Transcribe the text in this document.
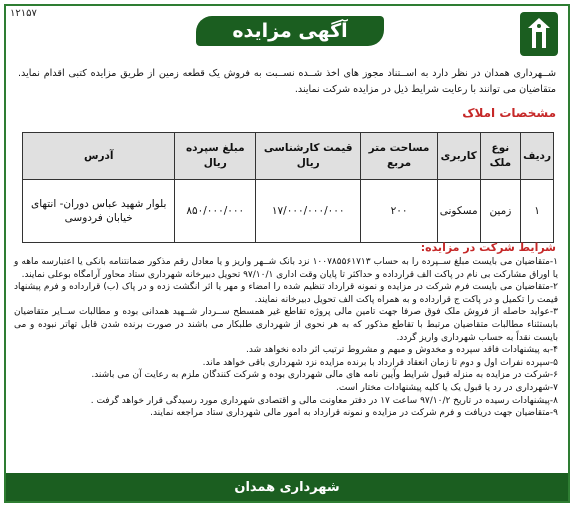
آگهی مزایده
۱۲۱۵۷
شــهرداری همدان در نظر دارد به اســتناد مجوز های اخذ شــده نســبت به فروش یک قطعه زمین از طریق مزایده کتبی اقدام نماید. متقاضیان می توانند با رعایت شرایط ذیل در مزایده شرکت نمایند.
مشخصات املاک
ردیف	نوع ملک	کاربری	مساحت متر مربع	قیمت کارشناسی ریال	مبلغ سپرده ریال	آدرس
۱	زمین	مسکونی	۲۰۰	۱۷/۰۰۰/۰۰۰/۰۰۰	۸۵۰/۰۰۰/۰۰۰	بلوار شهید عباس دوران- انتهای خیابان فردوسی
شرایط شرکت در مزایده:

۱-متقاضیان می بایست مبلغ ســپرده را به حساب ۱۰۰۷۸۵۵۶۱۷۱۳ نزد بانک شــهر واریز و یا معادل رقم مذکور ضمانتنامه بانکی یا اعتبارسه ماهه و یا اوراق مشارکت بی نام در پاکت الف قرارداده و حداکثر تا پایان وقت اداری ۹۷/۱۰/۱ تحویل دبیرخانه شهرداری ستاد محاور آرامگاه بوعلی نمایند.

۲-متقاضیان می بایست فرم شرکت در مزایده و نمونه قرارداد تنظیم شده را امضاء و مهر یا اثر انگشت زده و در پاک (ب) قرارداده و فرم پیشنهاد قیمت را تکمیل و در پاکت ج قرارداده و به همراه پاکت الف تحویل دبیرخانه نمایند.

۳-عواید حاصله از فروش ملک فوق صرفا جهت تامین مالی پروژه تقاطع غیر همسطح ســردار شــهید همدانی بوده و مطالبات ســایر متقاضیان بابستثناء مطالبات متقاضیان مرتبط با تقاطع مذکور که به هر نحوی از شهرداری طلبکار می باشند در صورت برنده شدن قابل تهاتر نبوده و می بایست نقداً به حساب شهرداری واریز گردد.

۴-به پیشنهادات فاقد سپرده و مخدوش و مبهم و مشروط ترتیب اثر داده نخواهد شد.

۵-سپرده نفرات اول و دوم تا زمان انعقاد قرارداد با برنده مزایده نزد شهرداری باقی خواهد ماند.

۶-شرکت در مزایده به منزله قبول شرایط وآیین نامه های مالی شهرداری بوده و شرکت کنندگان ملزم به رعایت آن می باشند.

۷-شهرداری در رد یا قبول یک یا کلیه پیشنهادات مختار است.

۸-پیشنهادات رسیده در تاریخ ۹۷/۱۰/۲ ساعت ۱۷ در دفتر معاونت مالی و اقتصادی شهرداری مورد رسیدگی قرار خواهد گرفت .

۹-متقاضیان جهت دریافت و فرم شرکت در مزایده و نمونه قرارداد به امور مالی شهرداری ستاد مراجعه نمایند.

شهرداری همدان
